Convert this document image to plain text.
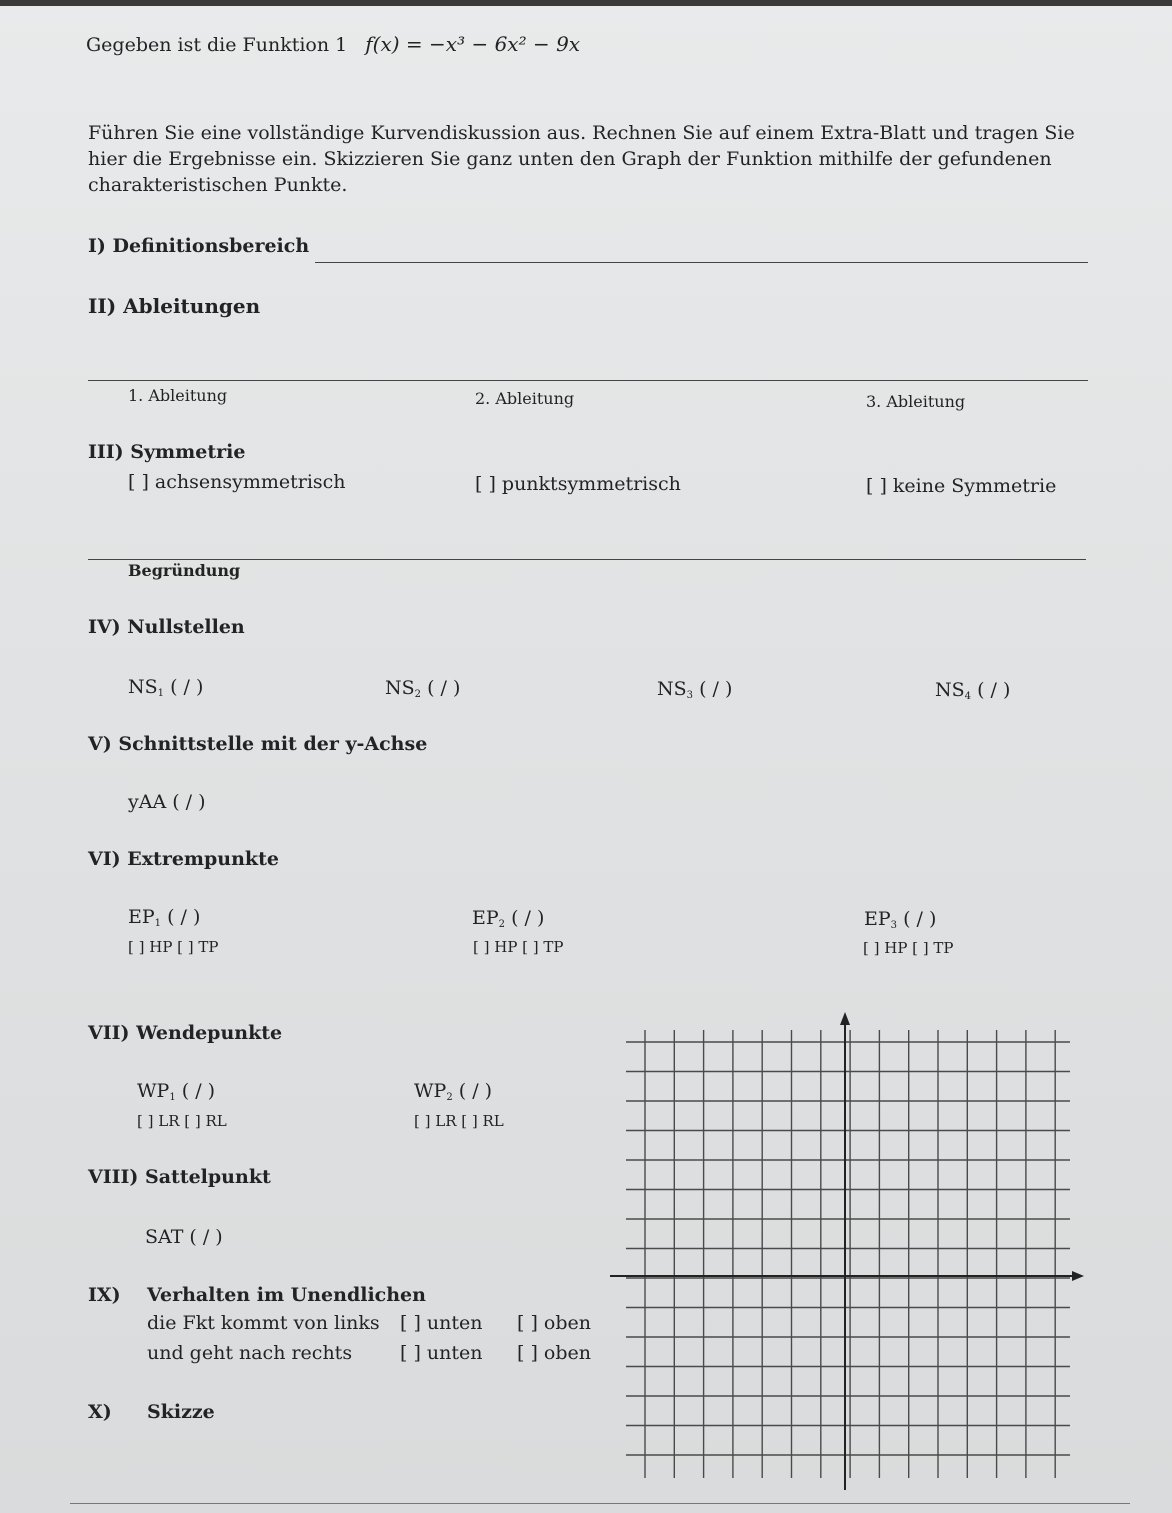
Gegeben ist die Funktion 1 f(x) = −x³ − 6x² − 9x
Führen Sie eine vollständige Kurvendiskussion aus. Rechnen Sie auf einem Extra-Blatt und tragen Sie hier die Ergebnisse ein. Skizzieren Sie ganz unten den Graph der Funktion mithilfe der gefundenen charakteristischen Punkte.
I) Definitionsbereich
II) Ableitungen
1. Ableitung	2. Ableitung	3. Ableitung
III) Symmetrie
[ ] achsensymmetrisch	[ ] punktsymmetrisch	[ ] keine Symmetrie
Begründung
IV) Nullstellen
$NS_1$ ( / )	$NS_2$ ( / )	$NS_3$ ( / )	$NS_4$ ( / )
V) Schnittstelle mit der y-Achse
yAA ( / )
VI) Extrempunkte
$EP_1$ ( / )
[ ] HP [ ] TP
$EP_2$ ( / )
[ ] HP [ ] TP
$EP_3$ ( / )
[ ] HP [ ] TP
VII) Wendepunkte
$WP_1$ ( / )
[ ] LR [ ] RL
$WP_2$ ( / )
[ ] LR [ ] RL
VIII) Sattelpunkt
SAT ( / )
IX) Verhalten im Unendlichen
die Fkt kommt von links [ ] unten [ ] oben
und geht nach rechts	[ ] unten [ ] oben
X) Skizze
